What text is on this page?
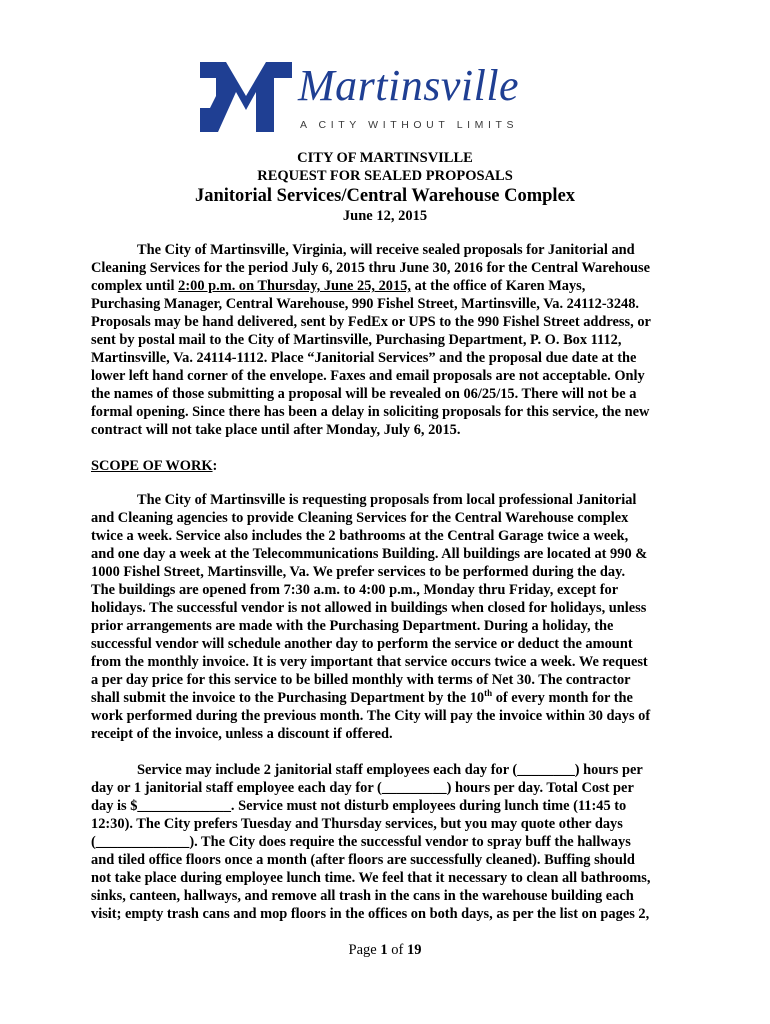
Martinsville
A CITY WITHOUT LIMITS
CITY OF MARTINSVILLE
REQUEST FOR SEALED PROPOSALS
Janitorial Services/Central Warehouse Complex
June 12, 2015
The City of Martinsville, Virginia, will receive sealed proposals for Janitorial and
Cleaning Services for the period July 6, 2015 thru June 30, 2016 for the Central Warehouse
complex until 2:00 p.m. on Thursday, June 25, 2015, at the office of Karen Mays,
Purchasing Manager, Central Warehouse, 990 Fishel Street, Martinsville, Va. 24112-3248.
Proposals may be hand delivered, sent by FedEx or UPS to the 990 Fishel Street address, or
sent by postal mail to the City of Martinsville, Purchasing Department, P. O. Box 1112,
Martinsville, Va. 24114-1112. Place “Janitorial Services” and the proposal due date at the
lower left hand corner of the envelope. Faxes and email proposals are not acceptable. Only
the names of those submitting a proposal will be revealed on 06/25/15. There will not be a
formal opening. Since there has been a delay in soliciting proposals for this service, the new
contract will not take place until after Monday, July 6, 2015.
SCOPE OF WORK:
The City of Martinsville is requesting proposals from local professional Janitorial
and Cleaning agencies to provide Cleaning Services for the Central Warehouse complex
twice a week. Service also includes the 2 bathrooms at the Central Garage twice a week,
and one day a week at the Telecommunications Building. All buildings are located at 990 &
1000 Fishel Street, Martinsville, Va. We prefer services to be performed during the day.
The buildings are opened from 7:30 a.m. to 4:00 p.m., Monday thru Friday, except for
holidays. The successful vendor is not allowed in buildings when closed for holidays, unless
prior arrangements are made with the Purchasing Department. During a holiday, the
successful vendor will schedule another day to perform the service or deduct the amount
from the monthly invoice. It is very important that service occurs twice a week. We request
a per day price for this service to be billed monthly with terms of Net 30. The contractor
shall submit the invoice to the Purchasing Department by the 10th of every month for the
work performed during the previous month. The City will pay the invoice within 30 days of
receipt of the invoice, unless a discount if offered.
Service may include 2 janitorial staff employees each day for (________) hours per
day or 1 janitorial staff employee each day for (_________) hours per day. Total Cost per
day is $_____________. Service must not disturb employees during lunch time (11:45 to
12:30). The City prefers Tuesday and Thursday services, but you may quote other days
(_____________). The City does require the successful vendor to spray buff the hallways
and tiled office floors once a month (after floors are successfully cleaned). Buffing should
not take place during employee lunch time. We feel that it necessary to clean all bathrooms,
sinks, canteen, hallways, and remove all trash in the cans in the warehouse building each
visit; empty trash cans and mop floors in the offices on both days, as per the list on pages 2,
Page 1 of 19
